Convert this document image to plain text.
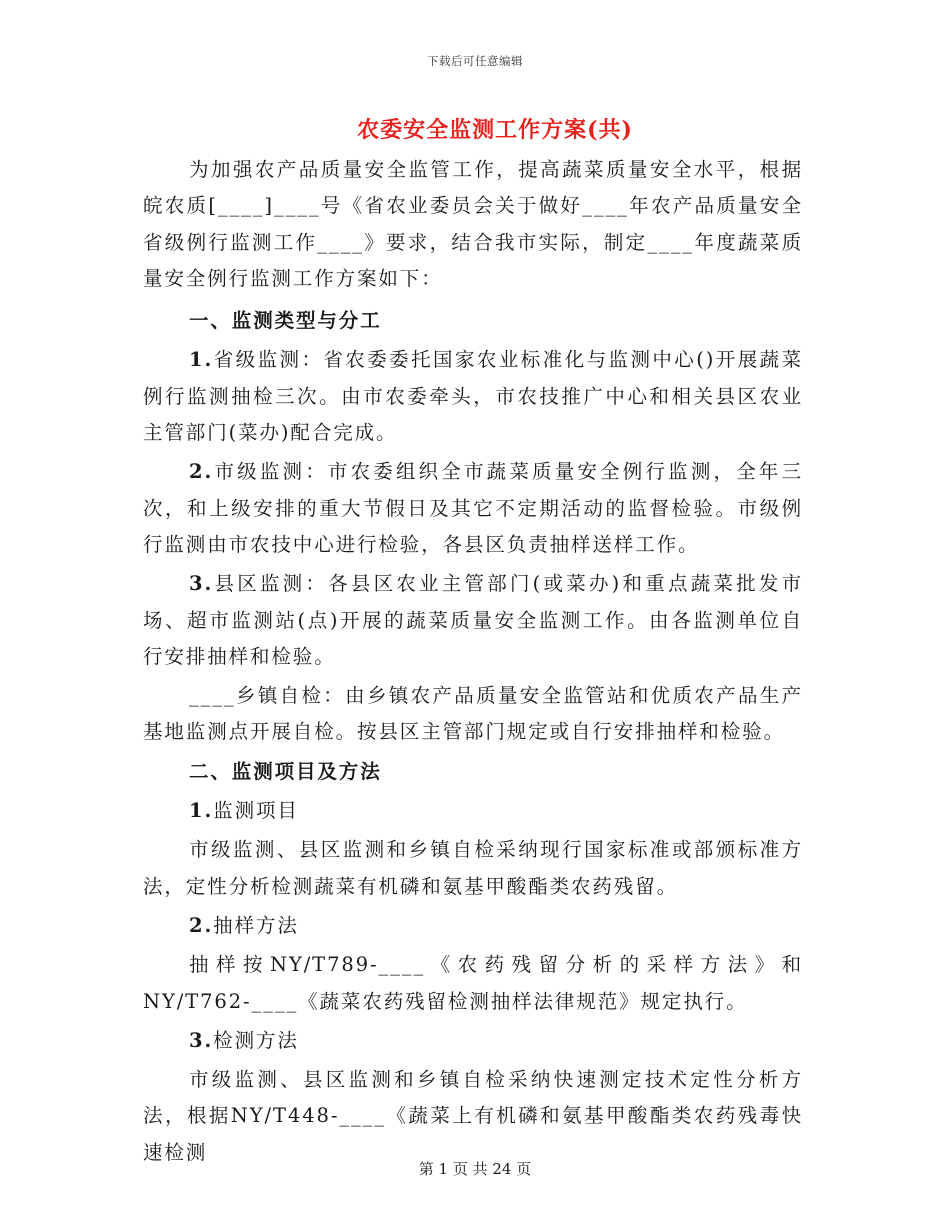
下载后可任意编辑
农委安全监测工作方案(共)

为加强农产品质量安全监管工作，提高蔬菜质量安全水平，根据皖农质[____]____号《省农业委员会关于做好____年农产品质量安全省级例行监测工作____》要求，结合我市实际，制定____年度蔬菜质量安全例行监测工作方案如下：

一、监测类型与分工

1.省级监测：省农委委托国家农业标准化与监测中心()开展蔬菜例行监测抽检三次。由市农委牵头，市农技推广中心和相关县区农业主管部门(菜办)配合完成。

2.市级监测：市农委组织全市蔬菜质量安全例行监测，全年三次，和上级安排的重大节假日及其它不定期活动的监督检验。市级例行监测由市农技中心进行检验，各县区负责抽样送样工作。

3.县区监测：各县区农业主管部门(或菜办)和重点蔬菜批发市场、超市监测站(点)开展的蔬菜质量安全监测工作。由各监测单位自行安排抽样和检验。

____乡镇自检：由乡镇农产品质量安全监管站和优质农产品生产基地监测点开展自检。按县区主管部门规定或自行安排抽样和检验。

二、监测项目及方法

1.监测项目

市级监测、县区监测和乡镇自检采纳现行国家标准或部颁标准方法，定性分析检测蔬菜有机磷和氨基甲酸酯类农药残留。

2.抽样方法

抽样按NY/T789-____《农药残留分析的采样方法》和NY/T762-____《蔬菜农药残留检测抽样法律规范》规定执行。

3.检测方法

市级监测、县区监测和乡镇自检采纳快速测定技术定性分析方法，根据NY/T448-____《蔬菜上有机磷和氨基甲酸酯类农药残毒快速检测

第 1 页 共 24 页
